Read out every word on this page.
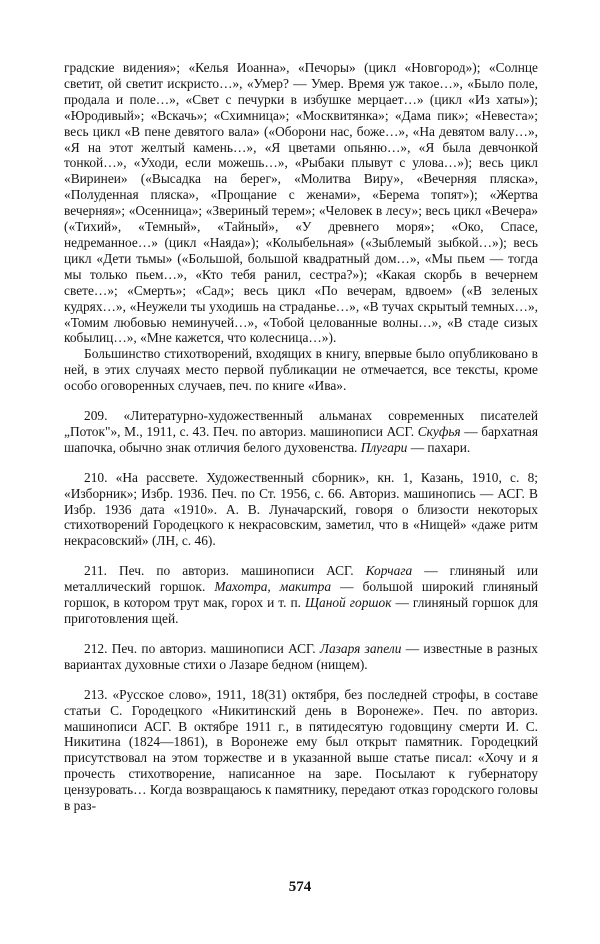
градские видения»; «Келья Иоанна», «Печоры» (цикл «Новгород»); «Солнце светит, ой светит искристо…», «Умер? — Умер. Время уж такое…», «Было поле, продала и поле…», «Свет с печурки в избушке мерцает…» (цикл «Из хаты»); «Юродивый»; «Вскачь»; «Схимница»; «Москвитянка»; «Дама пик»; «Невеста»; весь цикл «В пене девятого вала» («Оборони нас, боже…», «На девятом валу…», «Я на этот желтый камень…», «Я цветами опьяню…», «Я была девчонкой тонкой…», «Уходи, если можешь…», «Рыбаки плывут с улова…»); весь цикл «Виринеи» («Высадка на берег», «Молитва Виру», «Вечерняя пляска», «Полуденная пляска», «Прощание с женами», «Берема топят»); «Жертва вечерняя»; «Осенница»; «Звериный терем»; «Человек в лесу»; весь цикл «Вечера» («Тихий», «Темный», «Тайный», «У древнего моря»; «Око, Спасе, недреманное…» (цикл «Наяда»); «Колыбельная» («Зыблемый зыбкой…»); весь цикл «Дети тьмы» («Большой, большой квадратный дом…», «Мы пьем — тогда мы только пьем…», «Кто тебя ранил, сестра?»); «Какая скорбь в вечернем свете…»; «Смерть»; «Сад»; весь цикл «По вечерам, вдвоем» («В зеленых кудрях…», «Неужели ты уходишь на страданье…», «В тучах скрытый темных…», «Томим любовью неминучей…», «Тобой целованные волны…», «В стаде сизых кобылиц…», «Мне кажется, что колесница…»).

Большинство стихотворений, входящих в книгу, впервые было опубликовано в ней, в этих случаях место первой публикации не отмечается, все тексты, кроме особо оговоренных случаев, печ. по книге «Ива».

209. «Литературно-художественный альманах современных писателей „Поток"», М., 1911, с. 43. Печ. по авториз. машинописи АСГ. Скуфья — бархатная шапочка, обычно знак отличия белого духовенства. Плугари — пахари.

210. «На рассвете. Художественный сборник», кн. 1, Казань, 1910, с. 8; «Изборник»; Избр. 1936. Печ. по Ст. 1956, с. 66. Авториз. машинопись — АСГ. В Избр. 1936 дата «1910». А. В. Луначарский, говоря о близости некоторых стихотворений Городецкого к некрасовским, заметил, что в «Нищей» «даже ритм некрасовский» (ЛН, с. 46).

211. Печ. по авториз. машинописи АСГ. Корчага — глиняный или металлический горшок. Махотра, макитра — большой широкий глиняный горшок, в котором трут мак, горох и т. п. Щаной горшок — глиняный горшок для приготовления щей.

212. Печ. по авториз. машинописи АСГ. Лазаря запели — известные в разных вариантах духовные стихи о Лазаре бедном (нищем).

213. «Русское слово», 1911, 18(31) октября, без последней строфы, в составе статьи С. Городецкого «Никитинский день в Воронеже». Печ. по авториз. машинописи АСГ. В октябре 1911 г., в пятидесятую годовщину смерти И. С. Никитина (1824—1861), в Воронеже ему был открыт памятник. Городецкий присутствовал на этом торжестве и в указанной выше статье писал: «Хочу и я прочесть стихотворение, написанное на заре. Посылают к губернатору цензуровать… Когда возвращаюсь к памятнику, передают отказ городского головы в раз-

574
